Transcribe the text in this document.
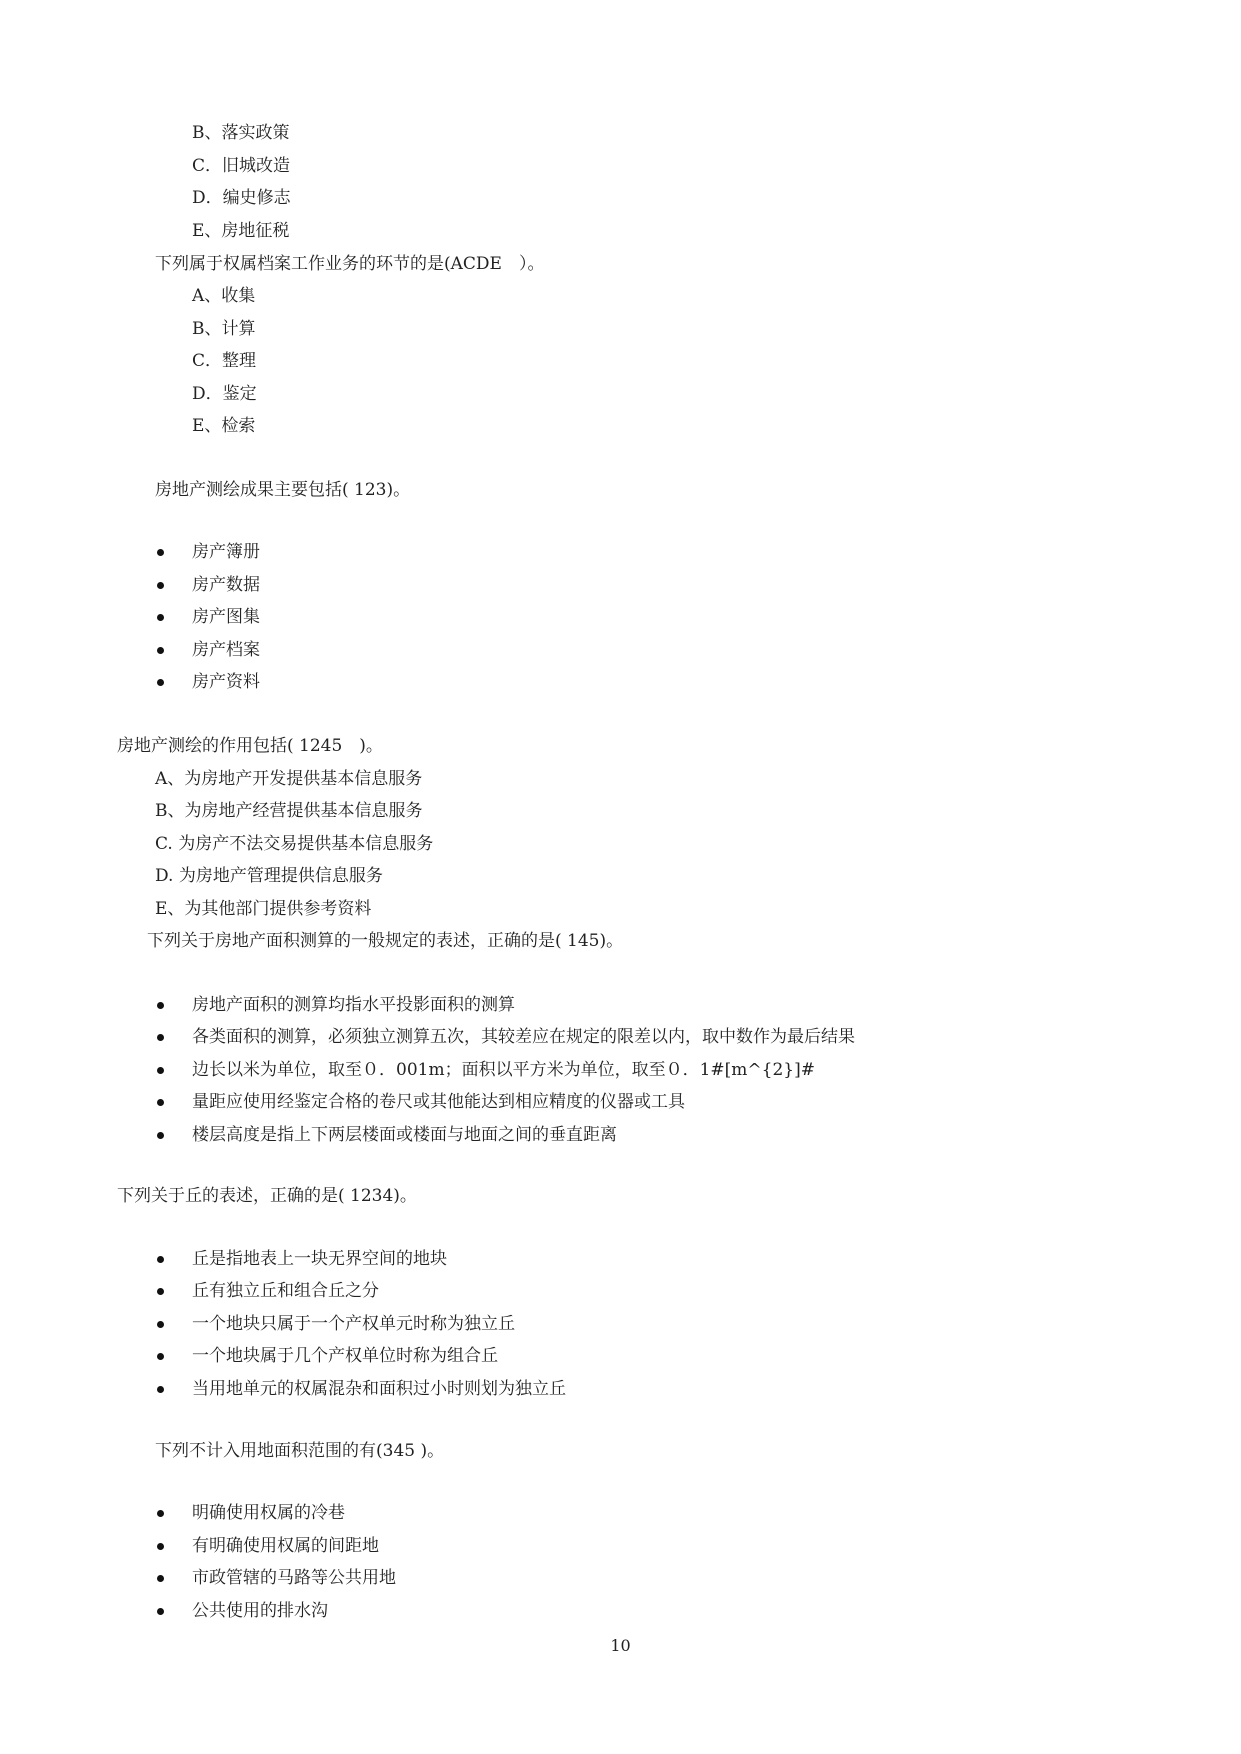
B、落实政策
C．旧城改造
D．编史修志
E、房地征税
下列属于权属档案工作业务的环节的是(ACDE　）。
A、收集
B、计算
C．整理
D．鉴定
E、检索
房地产测绘成果主要包括( 123)。
房产簿册
房产数据
房产图集
房产档案
房产资料
房地产测绘的作用包括( 1245　)。
A、为房地产开发提供基本信息服务
B、为房地产经营提供基本信息服务
C. 为房产不法交易提供基本信息服务
D. 为房地产管理提供信息服务
E、为其他部门提供参考资料
下列关于房地产面积测算的一般规定的表述，正确的是( 145)。
房地产面积的测算均指水平投影面积的测算
各类面积的测算，必须独立测算五次，其较差应在规定的限差以内，取中数作为最后结果
边长以米为单位，取至０．001m；面积以平方米为单位，取至０．1#[m^{2}]#
量距应使用经鉴定合格的卷尺或其他能达到相应精度的仪器或工具
楼层高度是指上下两层楼面或楼面与地面之间的垂直距离
下列关于丘的表述，正确的是( 1234)。
丘是指地表上一块无界空间的地块
丘有独立丘和组合丘之分
一个地块只属于一个产权单元时称为独立丘
一个地块属于几个产权单位时称为组合丘
当用地单元的权属混杂和面积过小时则划为独立丘
下列不计入用地面积范围的有(345 )。
明确使用权属的冷巷
有明确使用权属的间距地
市政管辖的马路等公共用地
公共使用的排水沟
10
